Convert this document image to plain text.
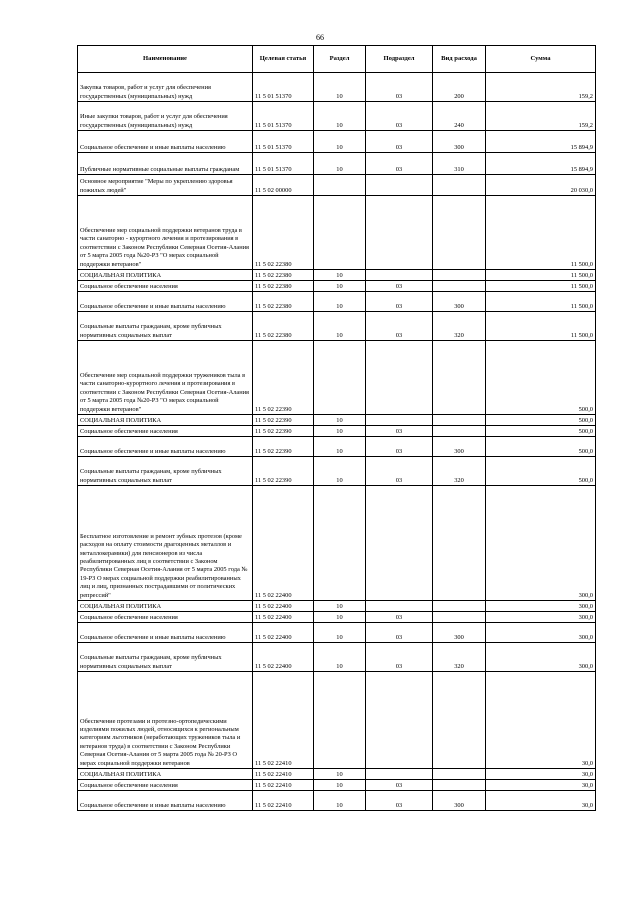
66
Наименование	Целевая статья	Раздел	Подраздел	Вид расхода	Сумма
Закупка товаров, работ и услуг для обеспечения государственных (муниципальных) нужд	11 5 01 51370	10	03	200	159,2
Иные закупки товаров, работ и услуг для обеспечения государственных (муниципальных) нужд	11 5 01 51370	10	03	240	159,2
Социальное обеспечение и иные выплаты населению	11 5 01 51370	10	03	300	15 894,9
Публичные нормативные социальные выплаты гражданам	11 5 01 51370	10	03	310	15 894,9
Основное мероприятие "Меры по укреплению здоровья пожилых людей"	11 5 02 00000				20 030,0
Обеспечение мер социальной поддержки ветеранов труда в части санаторно - курортного лечения и протезирования в соответствии с Законом Республики Северная Осетия-Алания от 5 марта 2005 года №20-РЗ "О мерах социальной поддержки ветеранов"	11 5 02 22380				11 500,0
СОЦИАЛЬНАЯ ПОЛИТИКА	11 5 02 22380	10			11 500,0
Социальное обеспечение населения	11 5 02 22380	10	03		11 500,0
Социальное обеспечение и иные выплаты населению	11 5 02 22380	10	03	300	11 500,0
Социальные выплаты гражданам, кроме публичных нормативных социальных выплат	11 5 02 22380	10	03	320	11 500,0
Обеспечение мер социальной поддержки тружеников тыла в части санаторно-курортного лечения и протезирования в соответствии с Законом Республики Северная Осетия-Алания от 5 марта 2005 года №20-РЗ "О мерах социальной поддержки ветеранов"	11 5 02 22390				500,0
СОЦИАЛЬНАЯ ПОЛИТИКА	11 5 02 22390	10			500,0
Социальное обеспечение населения	11 5 02 22390	10	03		500,0
Социальное обеспечение и иные выплаты населению	11 5 02 22390	10	03	300	500,0
Социальные выплаты гражданам, кроме публичных нормативных социальных выплат	11 5 02 22390	10	03	320	500,0
Бесплатное изготовление и ремонт зубных протезов (кроме расходов на оплату стоимости драгоценных металлов и металлокерамики) для пенсионеров из числа реабилитированных лиц в соответствии с Законом Республики Северная Осетия-Алания от 5 марта 2005 года № 19-РЗ О мерах социальной поддержки реабилитированных лиц и лиц, признанных пострадавшими от политических репрессий"	11 5 02 22400				300,0
СОЦИАЛЬНАЯ ПОЛИТИКА	11 5 02 22400	10			300,0
Социальное обеспечение населения	11 5 02 22400	10	03		300,0
Социальное обеспечение и иные выплаты населению	11 5 02 22400	10	03	300	300,0
Социальные выплаты гражданам, кроме публичных нормативных социальных выплат	11 5 02 22400	10	03	320	300,0
Обеспечение протезами и протезно-ортопедическими изделиями пожилых людей, относящихся к региональным категориям льготников (неработающих тружеников тыла и ветеранов труда) в соответствии с Законом Республики Северная Осетия-Алания от 5 марта 2005 года № 20-РЗ О мерах социальной поддержки ветеранов	11 5 02 22410				30,0
СОЦИАЛЬНАЯ ПОЛИТИКА	11 5 02 22410	10			30,0
Социальное обеспечение населения	11 5 02 22410	10	03		30,0
Социальное обеспечение и иные выплаты населению	11 5 02 22410	10	03	300	30,0
